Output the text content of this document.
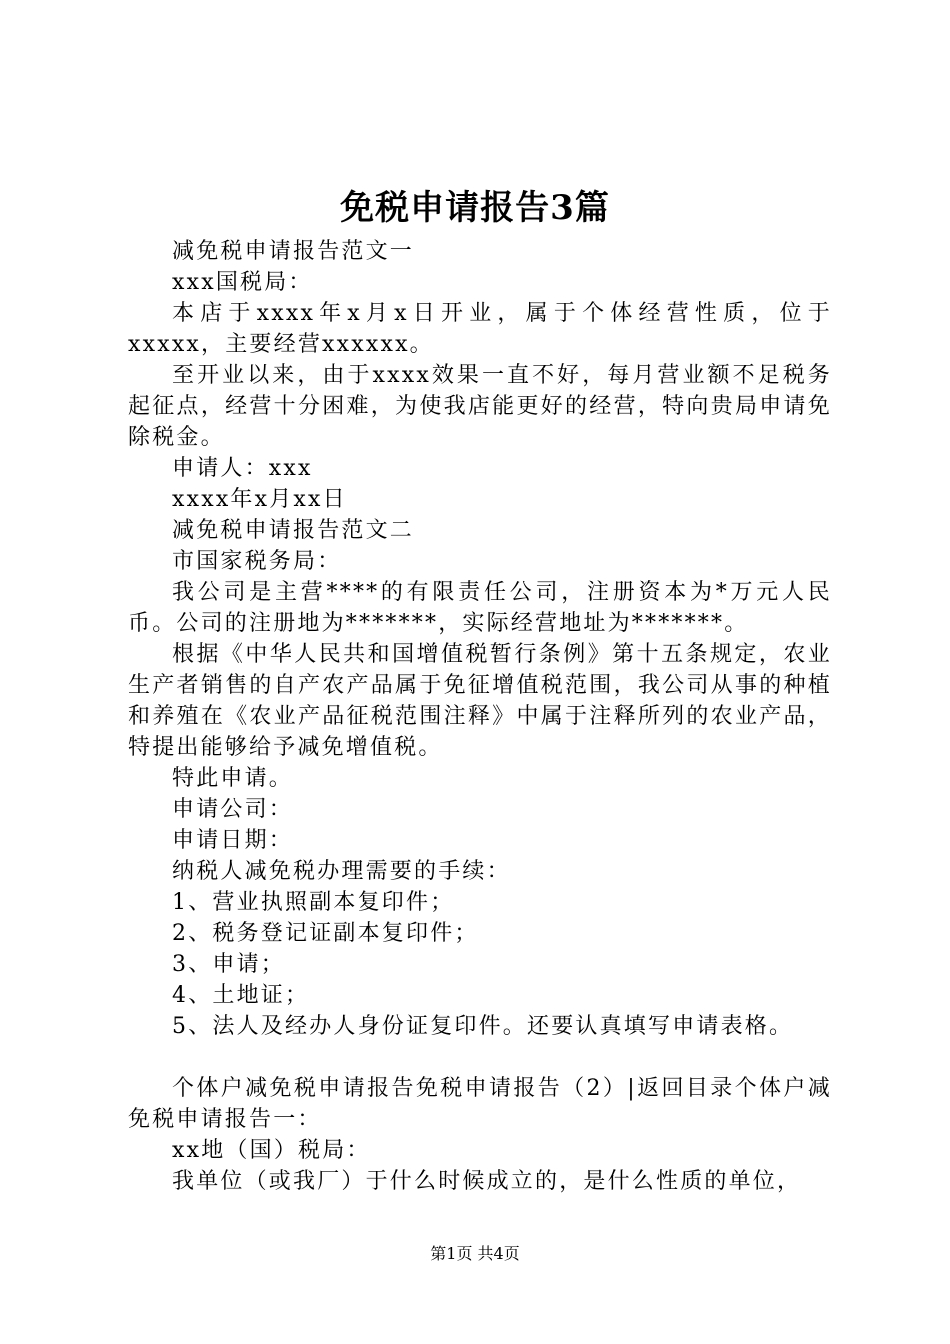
免税申请报告3篇

减免税申请报告范文一

xxx国税局：

本店于xxxx年x月x日开业，属于个体经营性质，位于xxxxx，主要经营xxxxxx。

至开业以来，由于xxxx效果一直不好，每月营业额不足税务起征点，经营十分困难，为使我店能更好的经营，特向贵局申请免除税金。

申请人：xxx

xxxx年x月xx日

减免税申请报告范文二

市国家税务局：

我公司是主营****的有限责任公司，注册资本为*万元人民币。公司的注册地为*******，实际经营地址为*******。

根据《中华人民共和国增值税暂行条例》第十五条规定，农业生产者销售的自产农产品属于免征增值税范围，我公司从事的种植和养殖在《农业产品征税范围注释》中属于注释所列的农业产品，特提出能够给予减免增值税。

特此申请。

申请公司：

申请日期：

纳税人减免税办理需要的手续：

1、营业执照副本复印件；

2、税务登记证副本复印件；

3、申请；

4、土地证；

5、法人及经办人身份证复印件。还要认真填写申请表格。

个体户减免税申请报告免税申请报告（2）|返回目录个体户减免税申请报告一：

xx地（国）税局：

我单位（或我厂）于什么时候成立的，是什么性质的单位，

第1页 共4页
